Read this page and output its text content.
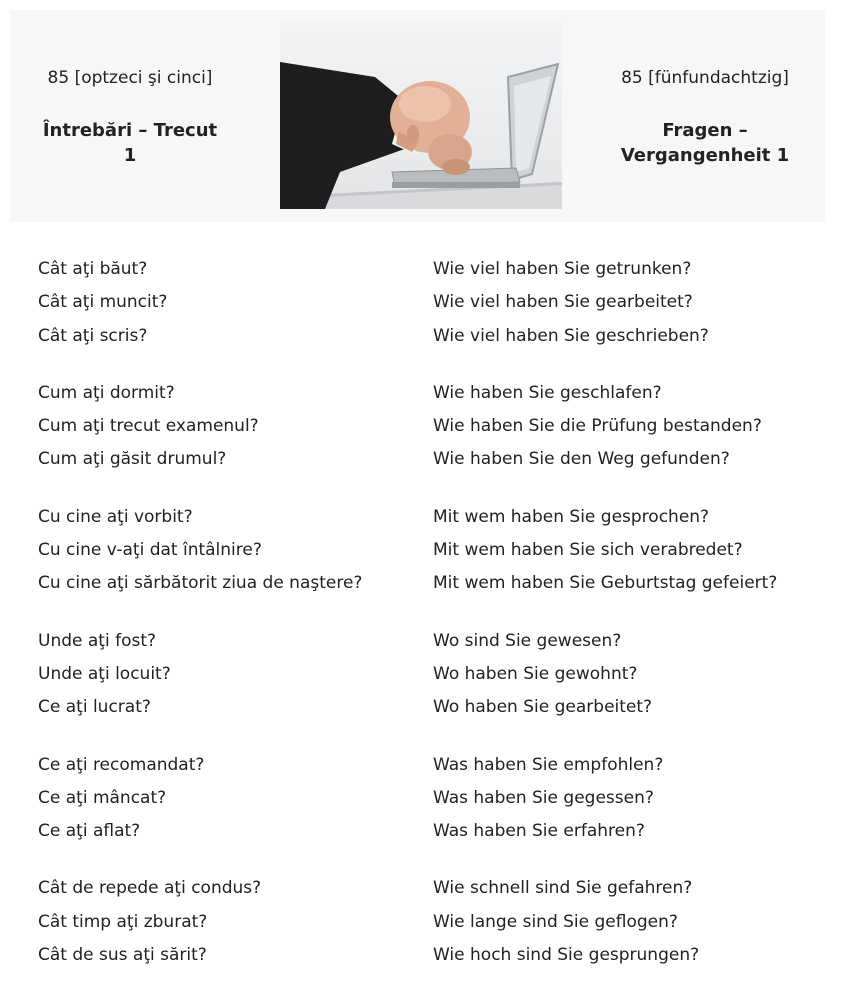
85 [optzeci şi cinci]
Întrebări – Trecut
1
85 [fünfundachtzig]
Fragen –
Vergangenheit 1
Cât aţi băut?	Wie viel haben Sie getrunken?
Cât aţi muncit?	Wie viel haben Sie gearbeitet?
Cât aţi scris?	Wie viel haben Sie geschrieben?
Cum aţi dormit?	Wie haben Sie geschlafen?
Cum aţi trecut examenul?	Wie haben Sie die Prüfung bestanden?
Cum aţi găsit drumul?	Wie haben Sie den Weg gefunden?
Cu cine aţi vorbit?	Mit wem haben Sie gesprochen?
Cu cine v-aţi dat întâlnire?	Mit wem haben Sie sich verabredet?
Cu cine aţi sărbătorit ziua de naştere?	Mit wem haben Sie Geburtstag gefeiert?
Unde aţi fost?	Wo sind Sie gewesen?
Unde aţi locuit?	Wo haben Sie gewohnt?
Ce aţi lucrat?	Wo haben Sie gearbeitet?
Ce aţi recomandat?	Was haben Sie empfohlen?
Ce aţi mâncat?	Was haben Sie gegessen?
Ce aţi aflat?	Was haben Sie erfahren?
Cât de repede aţi condus?	Wie schnell sind Sie gefahren?
Cât timp aţi zburat?	Wie lange sind Sie geflogen?
Cât de sus aţi sărit?	Wie hoch sind Sie gesprungen?
